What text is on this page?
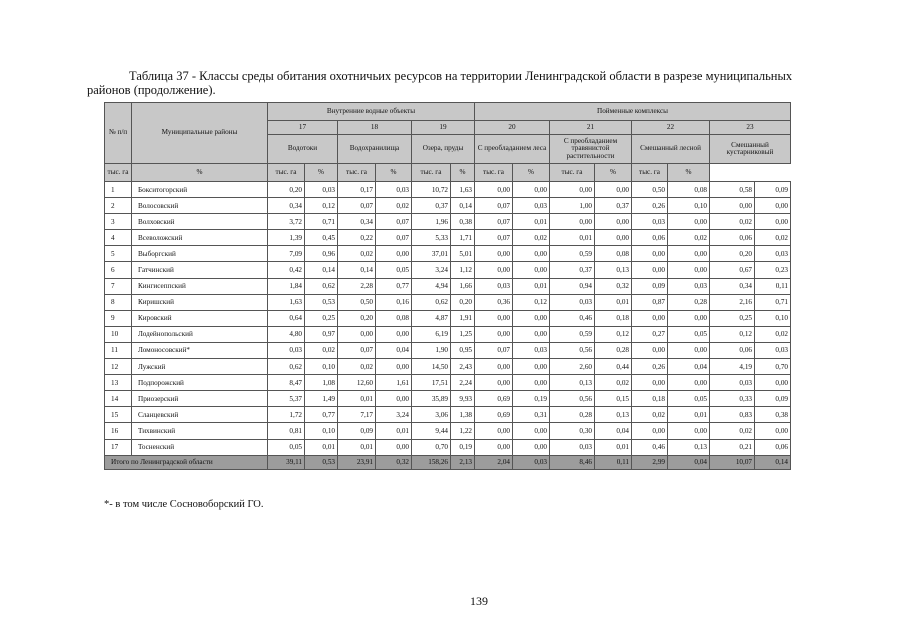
Таблица 37 - Классы среды обитания охотничьих ресурсов на территории Ленинградской области в разрезе муниципальных районов (продолжение).
№ п/п	Муниципальные районы	Внутренние водные объекты						Пойменные комплексы							
		17		18		19		20		21		22		23	
		Водотоки		Водохранилища		Озера, пруды		С преобладанием леса		С преобладанием травянистой растительности		Смешанный лесной		Смешанный кустарниковый	
тыс. га	%	тыс. га	%	тыс. га	%	тыс. га	%	тыс. га	%	тыс. га	%	тыс. га	%		
1	Бокситогорский	0,20	0,03	0,17	0,03	10,72	1,63	0,00	0,00	0,00	0,00	0,50	0,08	0,58	0,09
2	Волосовский	0,34	0,12	0,07	0,02	0,37	0,14	0,07	0,03	1,00	0,37	0,26	0,10	0,00	0,00
3	Волховский	3,72	0,71	0,34	0,07	1,96	0,38	0,07	0,01	0,00	0,00	0,03	0,00	0,02	0,00
4	Всеволожский	1,39	0,45	0,22	0,07	5,33	1,71	0,07	0,02	0,01	0,00	0,06	0,02	0,06	0,02
5	Выборгский	7,09	0,96	0,02	0,00	37,01	5,01	0,00	0,00	0,59	0,08	0,00	0,00	0,20	0,03
6	Гатчинский	0,42	0,14	0,14	0,05	3,24	1,12	0,00	0,00	0,37	0,13	0,00	0,00	0,67	0,23
7	Кингисеппский	1,84	0,62	2,28	0,77	4,94	1,66	0,03	0,01	0,94	0,32	0,09	0,03	0,34	0,11
8	Киришский	1,63	0,53	0,50	0,16	0,62	0,20	0,36	0,12	0,03	0,01	0,87	0,28	2,16	0,71
9	Кировский	0,64	0,25	0,20	0,08	4,87	1,91	0,00	0,00	0,46	0,18	0,00	0,00	0,25	0,10
10	Лодейнопольский	4,80	0,97	0,00	0,00	6,19	1,25	0,00	0,00	0,59	0,12	0,27	0,05	0,12	0,02
11	Ломоносовский*	0,03	0,02	0,07	0,04	1,90	0,95	0,07	0,03	0,56	0,28	0,00	0,00	0,06	0,03
12	Лужский	0,62	0,10	0,02	0,00	14,50	2,43	0,00	0,00	2,60	0,44	0,26	0,04	4,19	0,70
13	Подпорожский	8,47	1,08	12,60	1,61	17,51	2,24	0,00	0,00	0,13	0,02	0,00	0,00	0,03	0,00
14	Приозерский	5,37	1,49	0,01	0,00	35,89	9,93	0,69	0,19	0,56	0,15	0,18	0,05	0,33	0,09
15	Сланцевский	1,72	0,77	7,17	3,24	3,06	1,38	0,69	0,31	0,28	0,13	0,02	0,01	0,83	0,38
16	Тихвинский	0,81	0,10	0,09	0,01	9,44	1,22	0,00	0,00	0,30	0,04	0,00	0,00	0,02	0,00
17	Тосненский	0,05	0,01	0,01	0,00	0,70	0,19	0,00	0,00	0,03	0,01	0,46	0,13	0,21	0,06
Итого по Ленинградской области		39,11	0,53	23,91	0,32	158,26	2,13	2,04	0,03	8,46	0,11	2,99	0,04	10,07	0,14
*- в том числе Сосновоборский ГО.
139
